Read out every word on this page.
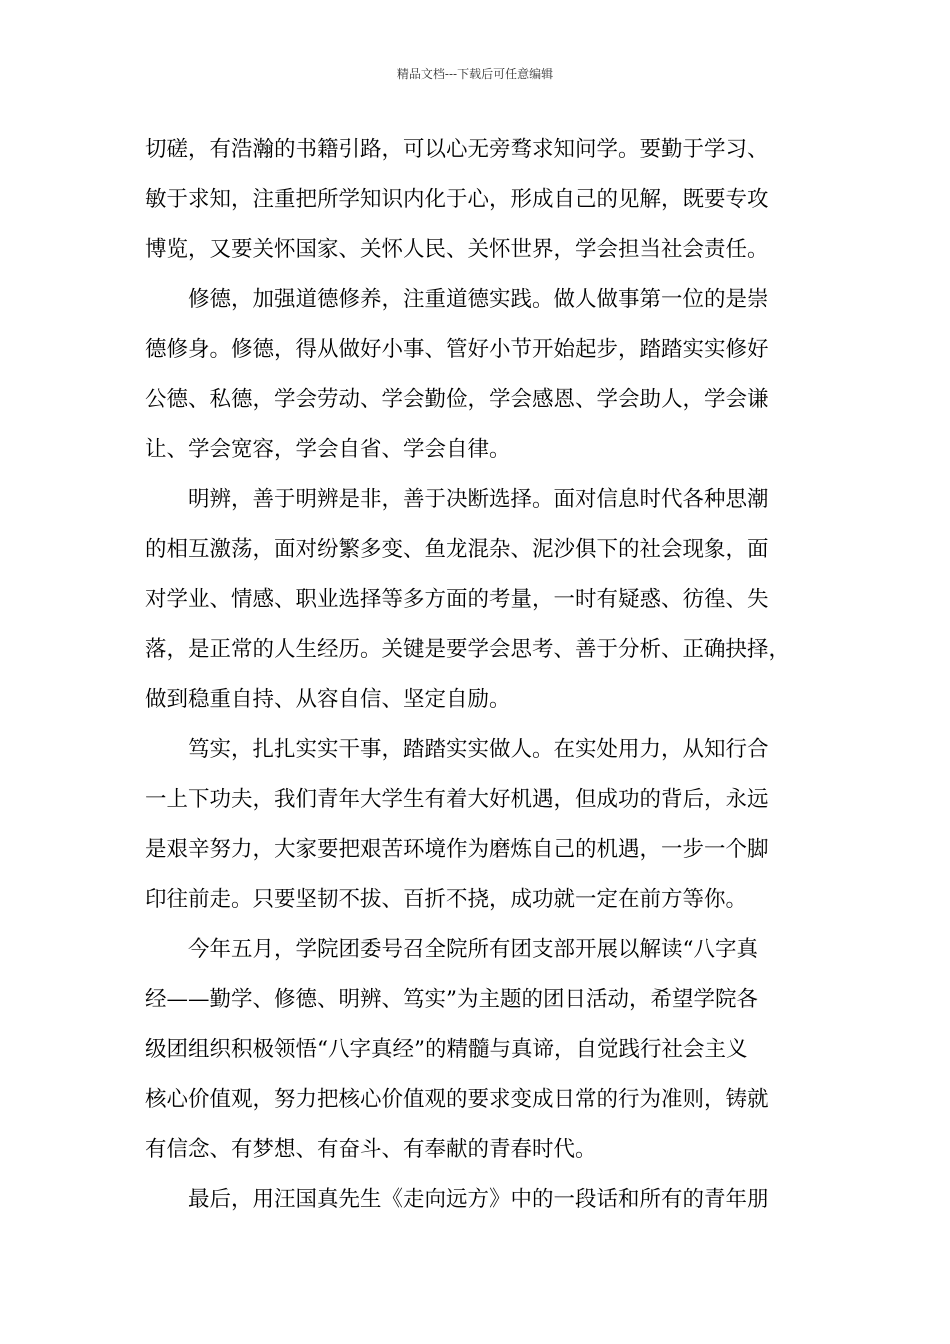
精品文档---下载后可任意编辑
切磋，有浩瀚的书籍引路，可以心无旁骛求知问学。要勤于学习、
敏于求知，注重把所学知识内化于心，形成自己的见解，既要专攻
博览，又要关怀国家、关怀人民、关怀世界，学会担当社会责任。
　　修德，加强道德修养，注重道德实践。做人做事第一位的是崇
德修身。修德，得从做好小事、管好小节开始起步，踏踏实实修好
公德、私德，学会劳动、学会勤俭，学会感恩、学会助人，学会谦
让、学会宽容，学会自省、学会自律。
　　明辨，善于明辨是非，善于决断选择。面对信息时代各种思潮
的相互激荡，面对纷繁多变、鱼龙混杂、泥沙俱下的社会现象，面
对学业、情感、职业选择等多方面的考量，一时有疑惑、彷徨、失
落，是正常的人生经历。关键是要学会思考、善于分析、正确抉择，
做到稳重自持、从容自信、坚定自励。
　　笃实，扎扎实实干事，踏踏实实做人。在实处用力，从知行合
一上下功夫，我们青年大学生有着大好机遇，但成功的背后，永远
是艰辛努力，大家要把艰苦环境作为磨炼自己的机遇，一步一个脚
印往前走。只要坚韧不拔、百折不挠，成功就一定在前方等你。
　　今年五月，学院团委号召全院所有团支部开展以解读“八字真
经——勤学、修德、明辨、笃实”为主题的团日活动，希望学院各
级团组织积极领悟“八字真经”的精髓与真谛，自觉践行社会主义
核心价值观，努力把核心价值观的要求变成日常的行为准则，铸就
有信念、有梦想、有奋斗、有奉献的青春时代。
　　最后，用汪国真先生《走向远方》中的一段话和所有的青年朋
